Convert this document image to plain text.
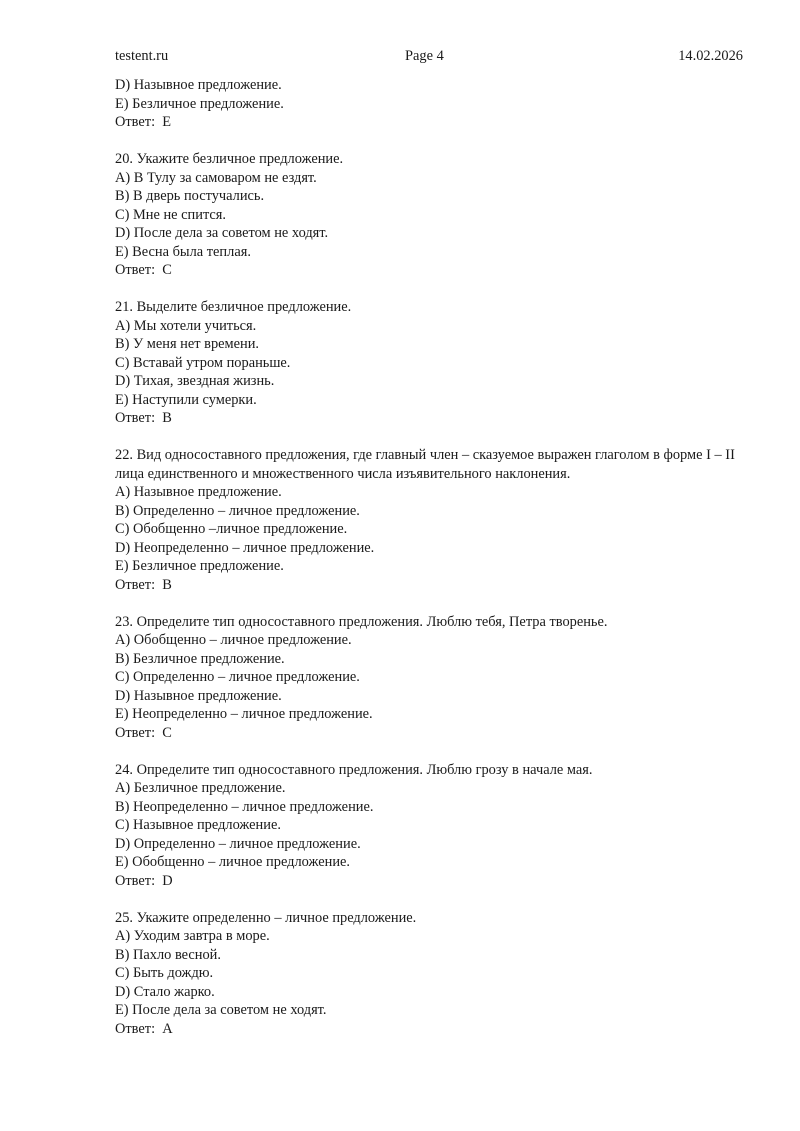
testent.ru	Page 4	14.02.2026
D) Назывное предложение.
E) Безличное предложение.
Ответ:  E
20. Укажите безличное предложение.
A) В Тулу за самоваром не ездят.
B) В дверь постучались.
C) Мне не спится.
D) После дела за советом не ходят.
E) Весна была теплая.
Ответ:  C
21. Выделите безличное предложение.
A) Мы хотели учиться.
B) У меня нет времени.
C) Вставай утром пораньше.
D) Тихая, звездная жизнь.
E) Наступили сумерки.
Ответ:  B
22. Вид односоставного предложения, где главный член – сказуемое выражен глаголом в форме I – II лица единственного и множественного числа изъявительного наклонения.
A) Назывное предложение.
B) Определенно – личное предложение.
C) Обобщенно –личное предложение.
D) Неопределенно – личное предложение.
E) Безличное предложение.
Ответ:  B
23. Определите тип односоставного предложения. Люблю тебя, Петра творенье.
A) Обобщенно – личное предложение.
B) Безличное предложение.
C) Определенно – личное предложение.
D) Назывное предложение.
E) Неопределенно – личное предложение.
Ответ:  C
24. Определите тип односоставного предложения. Люблю грозу в начале мая.
A) Безличное предложение.
B) Неопределенно – личное предложение.
C) Назывное предложение.
D) Определенно – личное предложение.
E) Обобщенно – личное предложение.
Ответ:  D
25. Укажите определенно – личное предложение.
A) Уходим завтра в море.
B) Пахло весной.
C) Быть дождю.
D) Стало жарко.
E) После дела за советом не ходят.
Ответ:  A
